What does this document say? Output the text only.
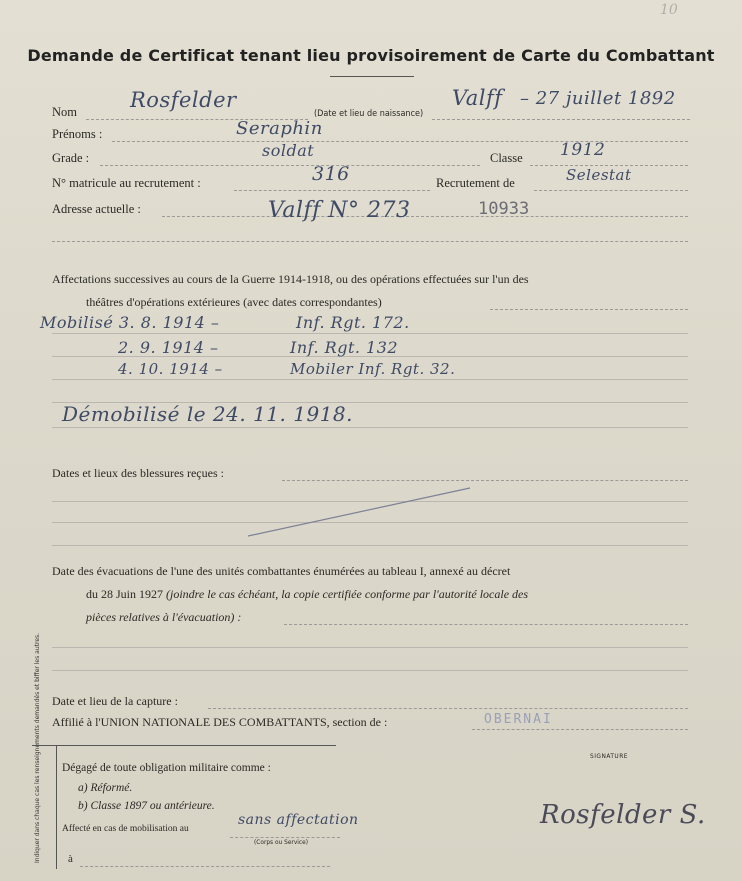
10
Demande de Certificat tenant lieu provisoirement de Carte du Combattant
Nom	Rosfelder
(Date et lieu de naissance)
Valff – 27 juillet 1892
Prénoms :	Seraphin
Grade :	soldat	Classe 1912
N° matricule au recrutement :	316	Recrutement de	Selestat
Adresse actuelle :	Valff N° 273	10933
Affectations successives au cours de la Guerre 1914-1918, ou des opérations effectuées sur l'un des
théâtres d'opérations extérieures (avec dates correspondantes)
Mobilisé 3. 8. 1914 –	Inf. Rgt. 172.
2. 9. 1914 –	Inf. Rgt. 132
4. 10. 1914 –	Mobiler Inf. Rgt. 32.
Démobilisé le 24. 11. 1918.
Dates et lieux des blessures reçues :
Date des évacuations de l'une des unités combattantes énumérées au tableau I, annexé au décret
du 28 Juin 1927 (joindre le cas échéant, la copie certifiée conforme par l'autorité locale des
pièces relatives à l'évacuation) :
Date et lieu de la capture :
Affilié à l'UNION NATIONALE DES COMBATTANTS, section de :	OBERNAI
Indiquer dans chaque cas les renseignements demandés et biffer les autres. Dégagé de toute obligation militaire comme :
a) Réformé.
b) Classe 1897 ou antérieure.
Affecté en cas de mobilisation au
sans affectation
(Corps ou Service)
à
SIGNATURE
Rosfelder S.
